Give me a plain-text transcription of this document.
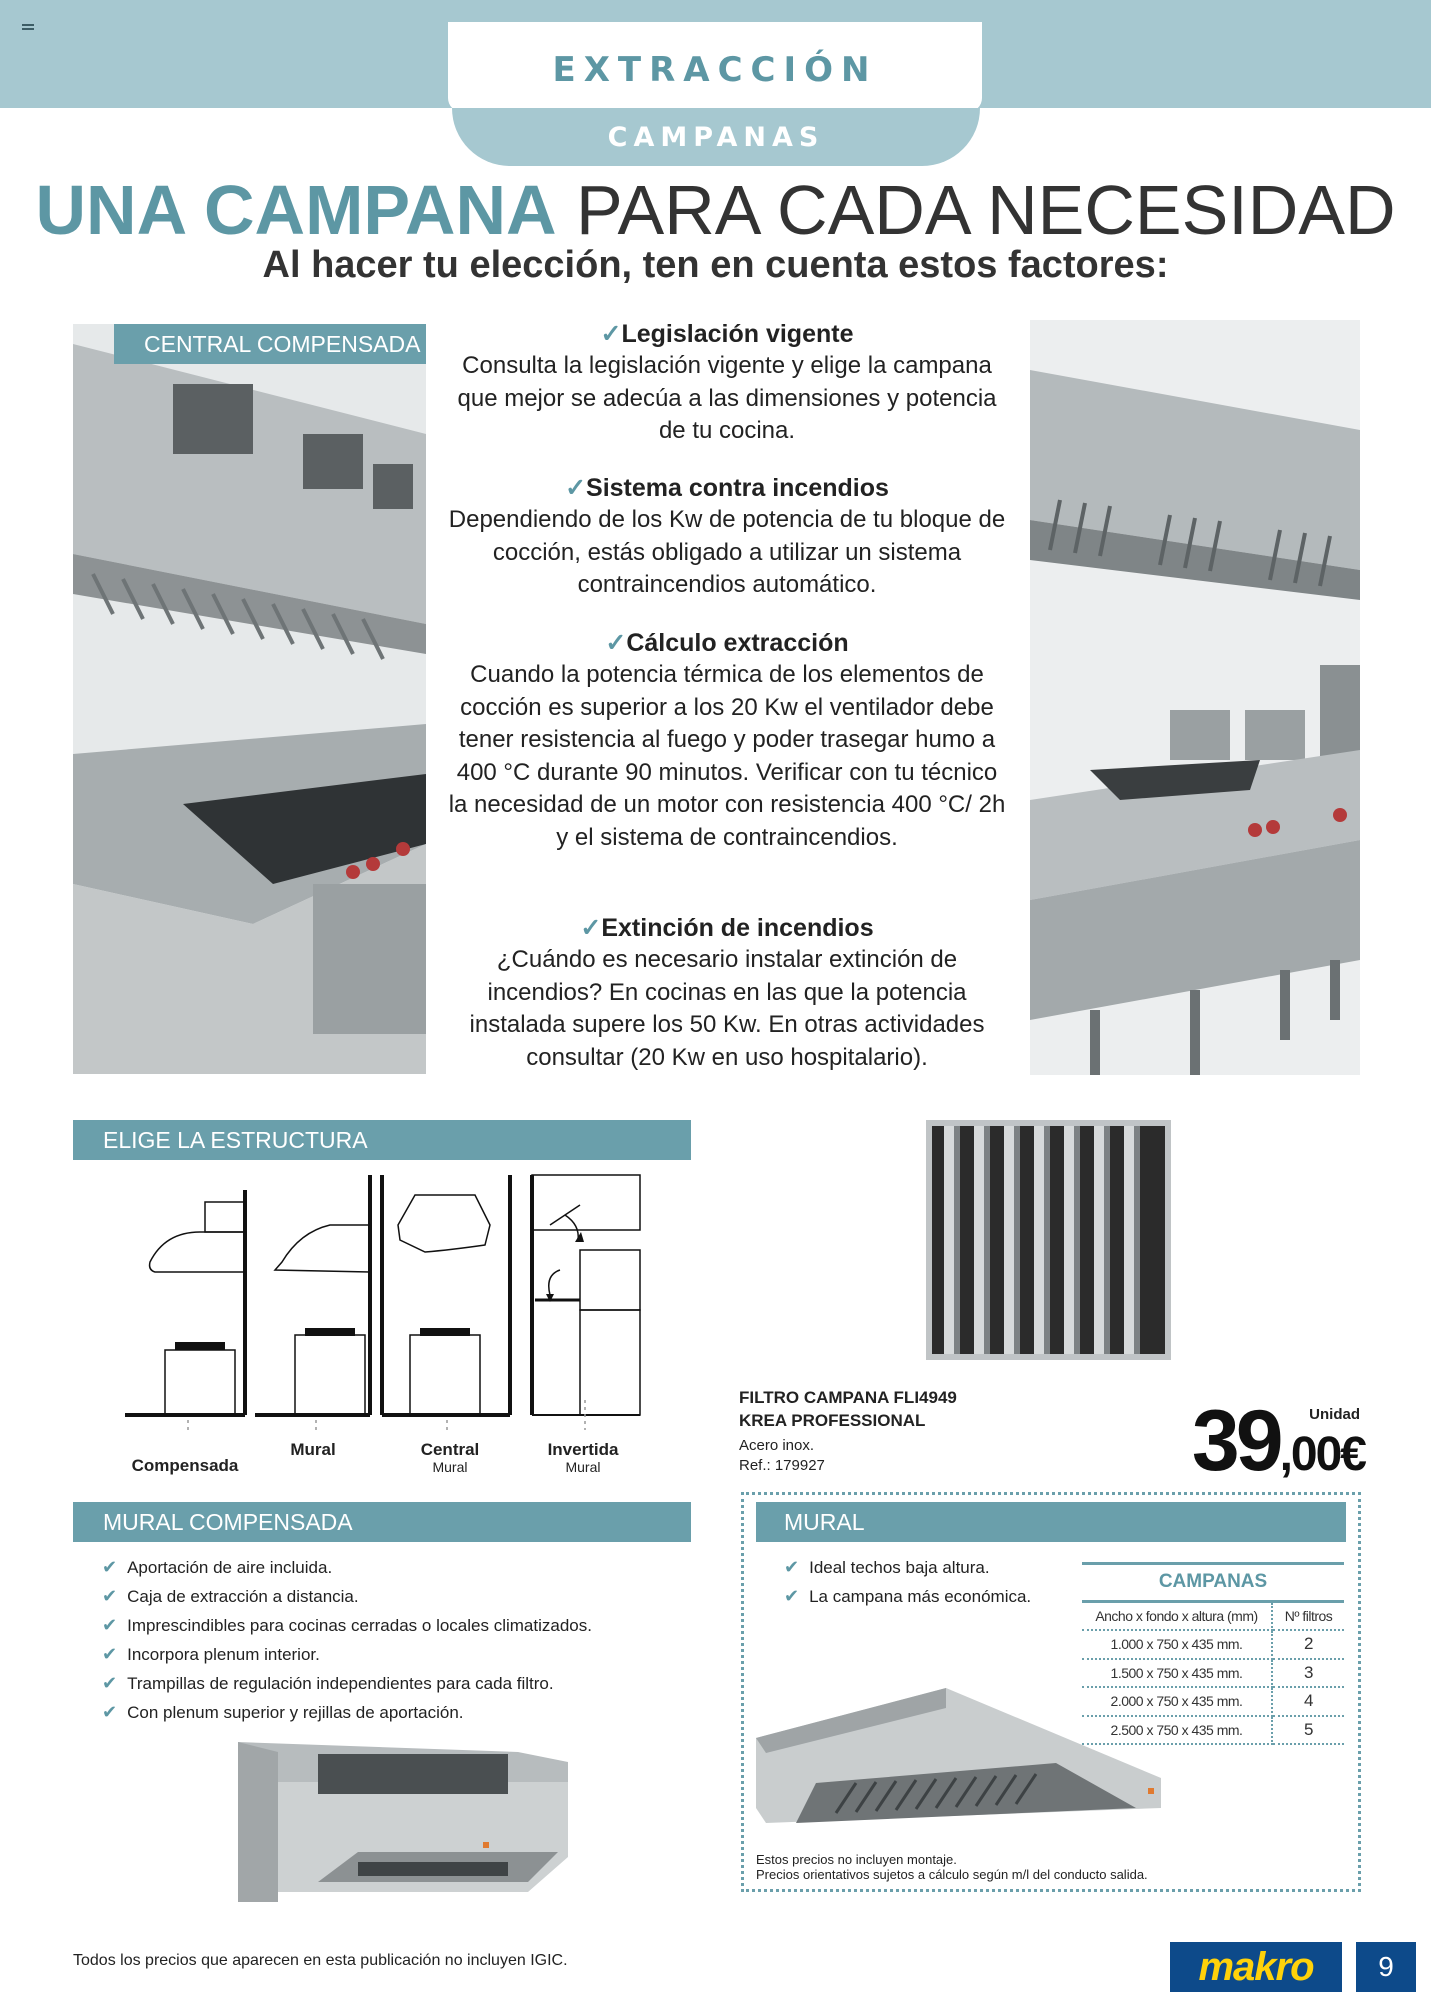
EXTRACCIÓN
CAMPANAS
UNA CAMPANA PARA CADA NECESIDAD
Al hacer tu elección, ten en cuenta estos factores:
CENTRAL COMPENSADA	✓Legislación vigente
Consulta la legislación vigente y elige la campana que mejor se adecúa a las dimensiones y potencia de tu cocina.
✓Sistema contra incendios
Dependiendo de los Kw de potencia de tu bloque de cocción, estás obligado a utilizar un sistema contraincendios automático.
✓Cálculo extracción
Cuando la potencia térmica de los elementos de cocción es superior a los 20 Kw el ventilador debe tener resistencia al fuego y poder trasegar humo a 400 °C durante 90 minutos. Verificar con tu técnico la necesidad de un motor con resistencia 400 °C/ 2h y el sistema de contraincendios.
✓Extinción de incendios
¿Cuándo es necesario instalar extinción de incendios? En cocinas en las que la potencia instalada supere los 50 Kw. En otras actividades consultar (20 Kw en uso hospitalario).
ELIGE LA ESTRUCTURA
Compensada
Mural	Central
Mural
Invertida
Mural
FILTRO CAMPANA FLI4949
KREA PROFESSIONAL
Acero inox.
Ref.: 179927
Unidad
39,00€
MURAL COMPENSADA
✔ Aportación de aire incluida.
✔ Caja de extracción a distancia.
✔ Imprescindibles para cocinas cerradas o locales climatizados.
✔ Incorpora plenum interior.
✔ Trampillas de regulación independientes para cada filtro.
✔ Con plenum superior y rejillas de aportación.
MURAL
✔ Ideal techos baja altura.
✔ La campana más económica.
CAMPANAS
Ancho x fondo x altura (mm)	Nº filtros
1.000 x 750 x 435 mm.	2
1.500 x 750 x 435 mm.	3
2.000 x 750 x 435 mm.	4
2.500 x 750 x 435 mm.	5
Estos precios no incluyen montaje.
Precios orientativos sujetos a cálculo según m/l del conducto salida.
Todos los precios que aparecen en esta publicación no incluyen IGIC.	makro	9
